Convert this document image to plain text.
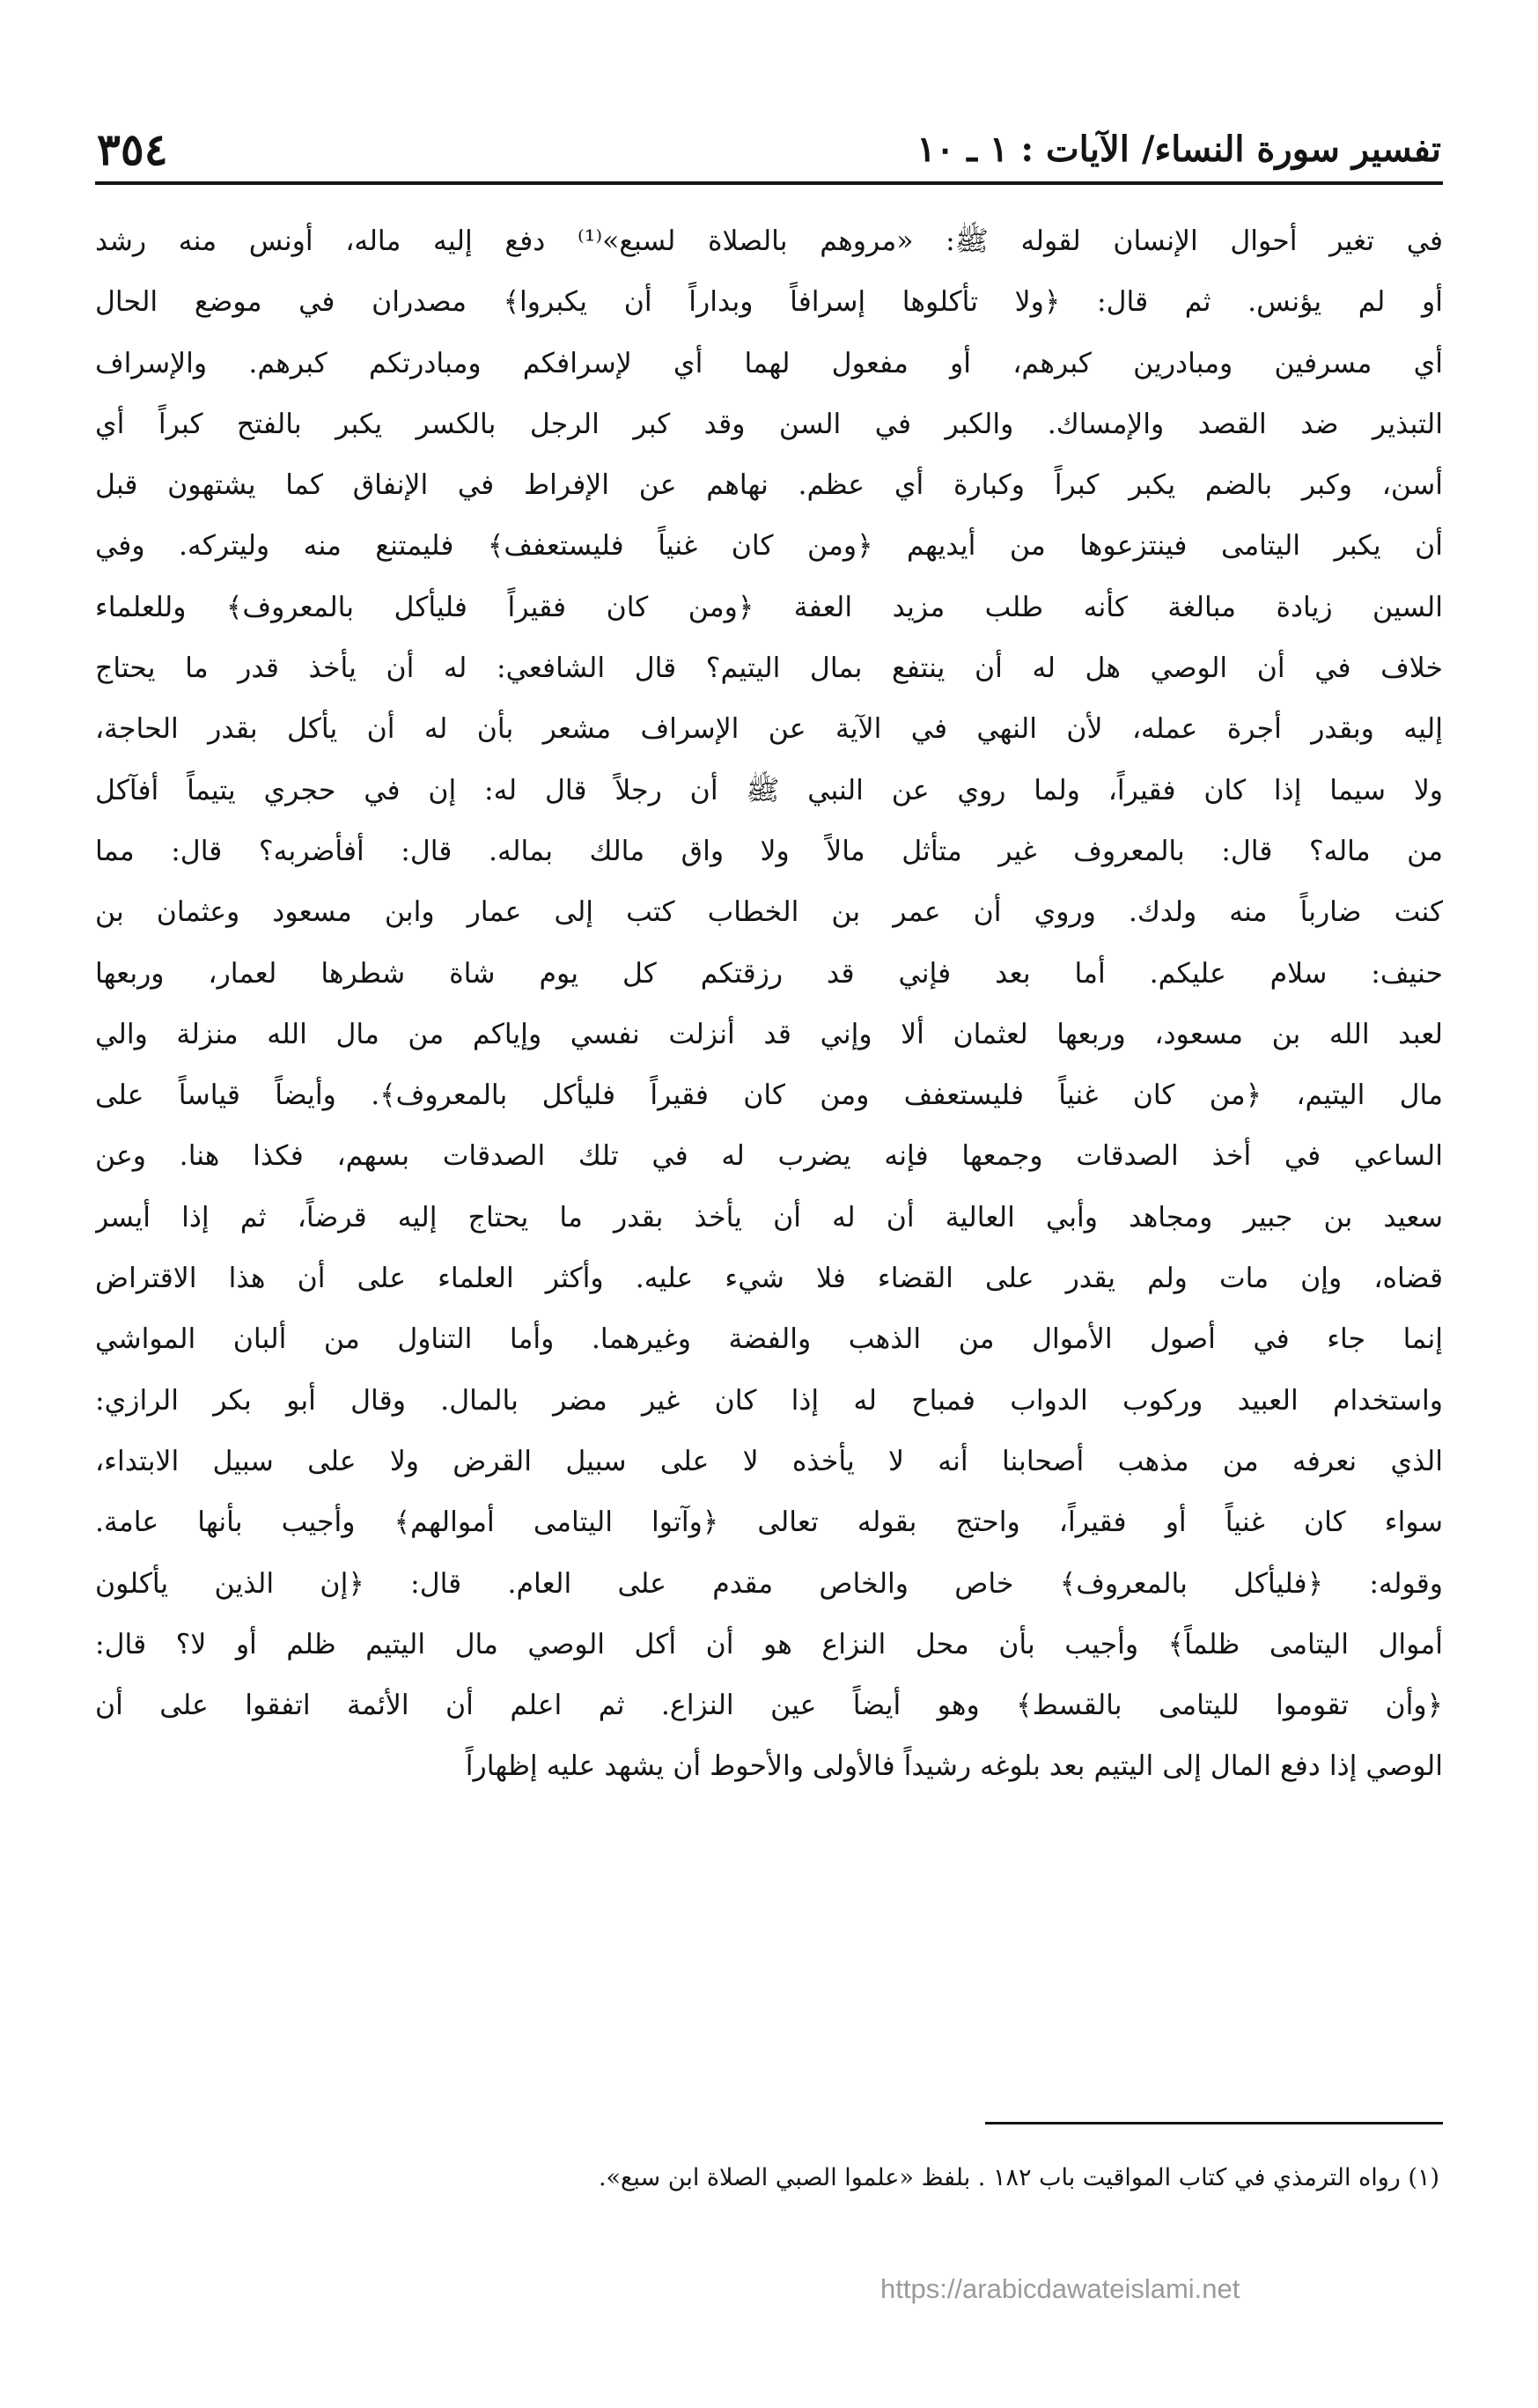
تفسير سورة النساء/ الآيات : ١ ـ ١٠
٣٥٤
في تغير أحوال الإنسان لقوله ﷺ: «مروهم بالصلاة لسبع»⁽¹⁾ دفع إليه ماله، أونس منه رشد
أو لم يؤنس. ثم قال: ﴿ولا تأكلوها إسرافاً وبداراً أن يكبروا﴾ مصدران في موضع الحال
أي مسرفين ومبادرين كبرهم، أو مفعول لهما أي لإسرافكم ومبادرتكم كبرهم. والإسراف
التبذير ضد القصد والإمساك. والكبر في السن وقد كبر الرجل بالكسر يكبر بالفتح كبراً أي
أسن، وكبر بالضم يكبر كبراً وكبارة أي عظم. نهاهم عن الإفراط في الإنفاق كما يشتهون قبل
أن يكبر اليتامى فينتزعوها من أيديهم ﴿ومن كان غنياً فليستعفف﴾ فليمتنع منه وليتركه. وفي
السين زيادة مبالغة كأنه طلب مزيد العفة ﴿ومن كان فقيراً فليأكل بالمعروف﴾ وللعلماء
خلاف في أن الوصي هل له أن ينتفع بمال اليتيم؟ قال الشافعي: له أن يأخذ قدر ما يحتاج
إليه وبقدر أجرة عمله، لأن النهي في الآية عن الإسراف مشعر بأن له أن يأكل بقدر الحاجة،
ولا سيما إذا كان فقيراً، ولما روي عن النبي ﷺ أن رجلاً قال له: إن في حجري يتيماً أفآكل
من ماله؟ قال: بالمعروف غير متأثل مالاً ولا واق مالك بماله. قال: أفأضربه؟ قال: مما
كنت ضارباً منه ولدك. وروي أن عمر بن الخطاب كتب إلى عمار وابن مسعود وعثمان بن
حنيف: سلام عليكم. أما بعد فإني قد رزقتكم كل يوم شاة شطرها لعمار، وربعها
لعبد الله بن مسعود، وربعها لعثمان ألا وإني قد أنزلت نفسي وإياكم من مال الله منزلة والي
مال اليتيم، ﴿من كان غنياً فليستعفف ومن كان فقيراً فليأكل بالمعروف﴾. وأيضاً قياساً على
الساعي في أخذ الصدقات وجمعها فإنه يضرب له في تلك الصدقات بسهم، فكذا هنا. وعن
سعيد بن جبير ومجاهد وأبي العالية أن له أن يأخذ بقدر ما يحتاج إليه قرضاً، ثم إذا أيسر
قضاه، وإن مات ولم يقدر على القضاء فلا شيء عليه. وأكثر العلماء على أن هذا الاقتراض
إنما جاء في أصول الأموال من الذهب والفضة وغيرهما. وأما التناول من ألبان المواشي
واستخدام العبيد وركوب الدواب فمباح له إذا كان غير مضر بالمال. وقال أبو بكر الرازي:
الذي نعرفه من مذهب أصحابنا أنه لا يأخذه لا على سبيل القرض ولا على سبيل الابتداء،
سواء كان غنياً أو فقيراً، واحتج بقوله تعالى ﴿وآتوا اليتامى أموالهم﴾ وأجيب بأنها عامة.
وقوله: ﴿فليأكل بالمعروف﴾ خاص والخاص مقدم على العام. قال: ﴿إن الذين يأكلون
أموال اليتامى ظلماً﴾ وأجيب بأن محل النزاع هو أن أكل الوصي مال اليتيم ظلم أو لا؟ قال:
﴿وأن تقوموا لليتامى بالقسط﴾ وهو أيضاً عين النزاع. ثم اعلم أن الأئمة اتفقوا على أن
الوصي إذا دفع المال إلى اليتيم بعد بلوغه رشيداً فالأولى والأحوط أن يشهد عليه إظهاراً
(١) رواه الترمذي في كتاب المواقيت باب ١٨٢ . بلفظ «علموا الصبي الصلاة ابن سبع».
https://arabicdawateislami.net
